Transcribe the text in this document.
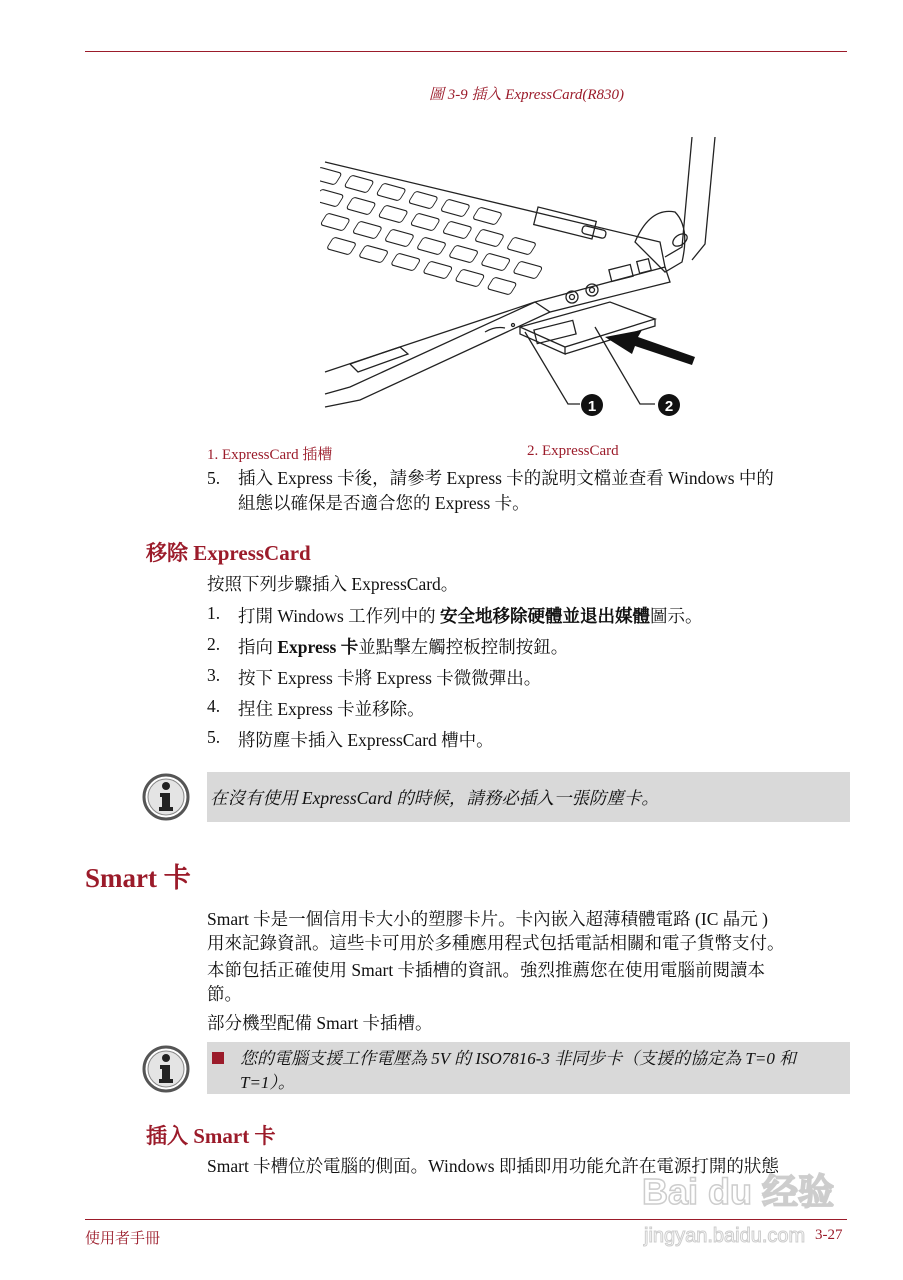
圖 3-9 插入 ExpressCard(R830)
1	2
1. ExpressCard 插槽	2. ExpressCard
5. 插入 Express 卡後，請參考 Express 卡的說明文檔並查看 Windows 中的
組態以確保是否適合您的 Express 卡。
移除 ExpressCard
按照下列步驟插入 ExpressCard。
1. 打開 Windows 工作列中的 安全地移除硬體並退出媒體圖示。
2. 指向 Express 卡並點擊左觸控板控制按鈕。
3. 按下 Express 卡將 Express 卡微微彈出。
4. 捏住 Express 卡並移除。
5. 將防塵卡插入 ExpressCard 槽中。
在沒有使用 ExpressCard 的時候，請務必插入一張防塵卡。
Smart 卡
Smart 卡是一個信用卡大小的塑膠卡片。卡內嵌入超薄積體電路 (IC 晶元 )
用來記錄資訊。這些卡可用於多種應用程式包括電話相關和電子貨幣支付。
本節包括正確使用 Smart 卡插槽的資訊。強烈推薦您在使用電腦前閱讀本
節。
部分機型配備 Smart 卡插槽。
您的電腦支援工作電壓為 5V 的 ISO7816-3 非同步卡（支援的協定為 T=0 和
T=1）。
插入 Smart 卡
Smart 卡槽位於電腦的側面。Windows 即插即用功能允許在電源打開的狀態
Bai du 经验
jingyan.baidu.com
使用者手冊	3-27
